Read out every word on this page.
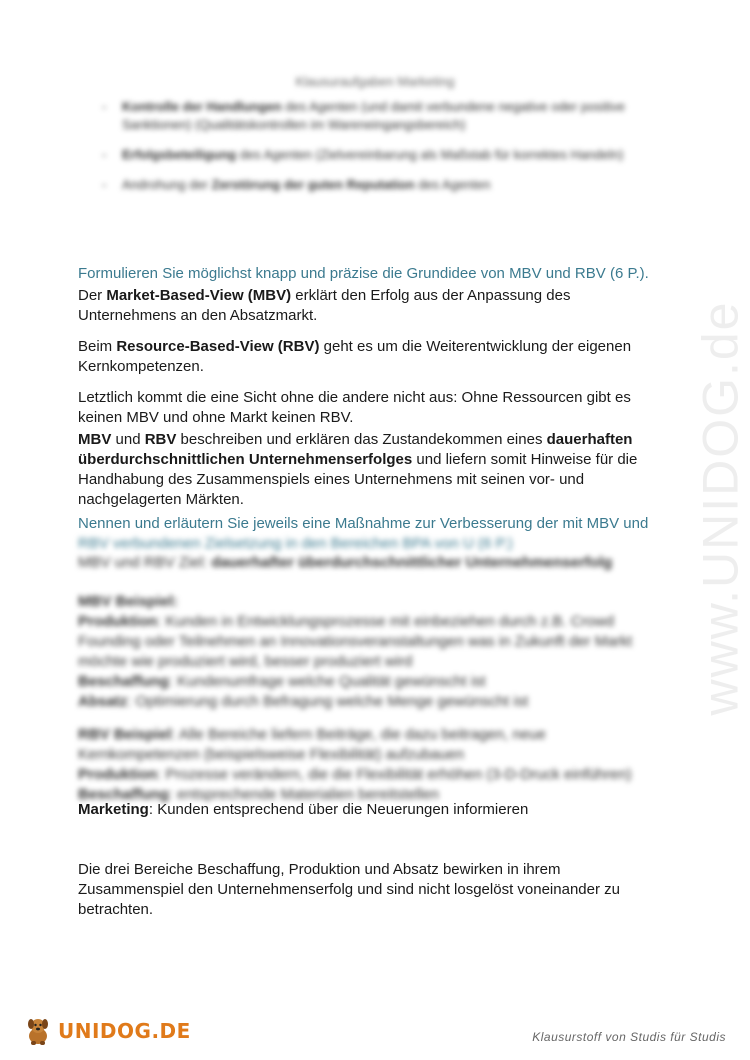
Klausuraufgaben Marketing
- Kontrolle der Handlungen des Agenten (und damit verbundene negative oder positive Sanktionen) (Qualitätskontrollen im Wareneingangsbereich)
- Erfolgsbeteiligung des Agenten (Zielvereinbarung als Maßstab für korrektes Handeln)
- Androhung der Zerstörung der guten Reputation des Agenten

Formulieren Sie möglichst knapp und präzise die Grundidee von MBV und RBV (6 P.).

Der Market-Based-View (MBV) erklärt den Erfolg aus der Anpassung des Unternehmens an den Absatzmarkt.

Beim Resource-Based-View (RBV) geht es um die Weiterentwicklung der eigenen Kernkompetenzen.

Letztlich kommt die eine Sicht ohne die andere nicht aus: Ohne Ressourcen gibt es keinen MBV und ohne Markt keinen RBV.

MBV und RBV beschreiben und erklären das Zustandekommen eines dauerhaften überdurchschnittlichen Unternehmenserfolges und liefern somit Hinweise für die Handhabung des Zusammenspiels eines Unternehmens mit seinen vor- und nachgelagerten Märkten.

Nennen und erläutern Sie jeweils eine Maßnahme zur Verbesserung der mit MBV und

RBV verbundenen Zielsetzung in den Bereichen BPA von U (6 P.)

MBV und RBV Ziel: dauerhafter überdurchschnittlicher Unternehmenserfolg

MBV Beispiel:

Produktion: Kunden in Entwicklungsprozesse mit einbeziehen durch z.B. Crowd Founding oder Teilnehmen an Innovationsveranstaltungen was in Zukunft der Markt möchte wie produziert wird, besser produziert wird

Beschaffung: Kundenumfrage welche Qualität gewünscht ist

Absatz: Optimierung durch Befragung welche Menge gewünscht ist

RBV Beispiel: Alle Bereiche liefern Beiträge, die dazu beitragen, neue Kernkompetenzen (beispielsweise Flexibilität) aufzubauen

Produktion: Prozesse verändern, die die Flexibilität erhöhen (3-D-Druck einführen)

Beschaffung: entsprechende Materialien bereitstellen

Marketing: Kunden entsprechend über die Neuerungen informieren

Die drei Bereiche Beschaffung, Produktion und Absatz bewirken in ihrem Zusammenspiel den Unternehmenserfolg und sind nicht losgelöst voneinander zu betrachten.

www.UNIDOG.de
UNIDOG.DE	Klausurstoff von Studis für Studis
